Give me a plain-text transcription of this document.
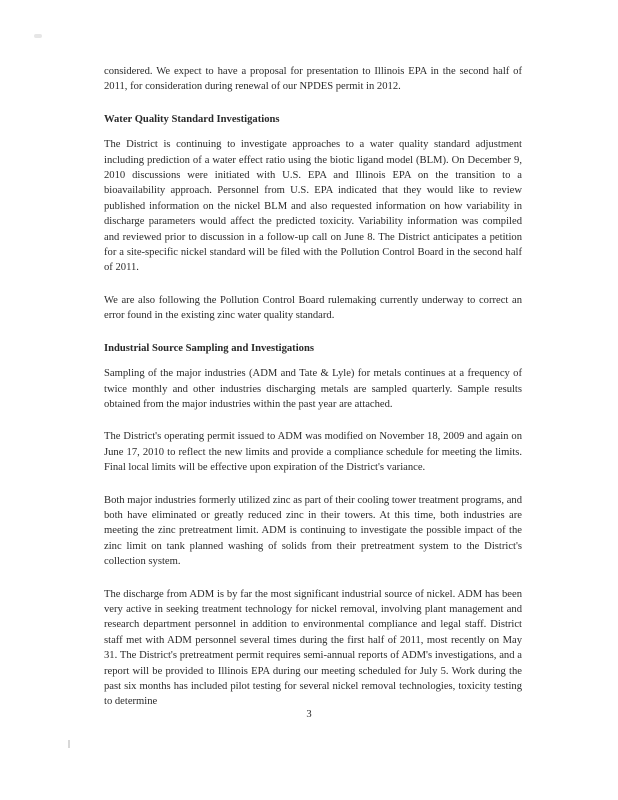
considered. We expect to have a proposal for presentation to Illinois EPA in the second half of 2011, for consideration during renewal of our NPDES permit in 2012.

Water Quality Standard Investigations

The District is continuing to investigate approaches to a water quality standard adjustment including prediction of a water effect ratio using the biotic ligand model (BLM). On December 9, 2010 discussions were initiated with U.S. EPA and Illinois EPA on the transition to a bioavailability approach. Personnel from U.S. EPA indicated that they would like to review published information on the nickel BLM and also requested information on how variability in discharge parameters would affect the predicted toxicity. Variability information was compiled and reviewed prior to discussion in a follow-up call on June 8. The District anticipates a petition for a site-specific nickel standard will be filed with the Pollution Control Board in the second half of 2011.

We are also following the Pollution Control Board rulemaking currently underway to correct an error found in the existing zinc water quality standard.

Industrial Source Sampling and Investigations

Sampling of the major industries (ADM and Tate & Lyle) for metals continues at a frequency of twice monthly and other industries discharging metals are sampled quarterly. Sample results obtained from the major industries within the past year are attached.

The District's operating permit issued to ADM was modified on November 18, 2009 and again on June 17, 2010 to reflect the new limits and provide a compliance schedule for meeting the limits. Final local limits will be effective upon expiration of the District's variance.

Both major industries formerly utilized zinc as part of their cooling tower treatment programs, and both have eliminated or greatly reduced zinc in their towers. At this time, both industries are meeting the zinc pretreatment limit. ADM is continuing to investigate the possible impact of the zinc limit on tank planned washing of solids from their pretreatment system to the District's collection system.

The discharge from ADM is by far the most significant industrial source of nickel. ADM has been very active in seeking treatment technology for nickel removal, involving plant management and research department personnel in addition to environmental compliance and legal staff. District staff met with ADM personnel several times during the first half of 2011, most recently on May 31. The District's pretreatment permit requires semi-annual reports of ADM's investigations, and a report will be provided to Illinois EPA during our meeting scheduled for July 5. Work during the past six months has included pilot testing for several nickel removal technologies, toxicity testing to determine

3
